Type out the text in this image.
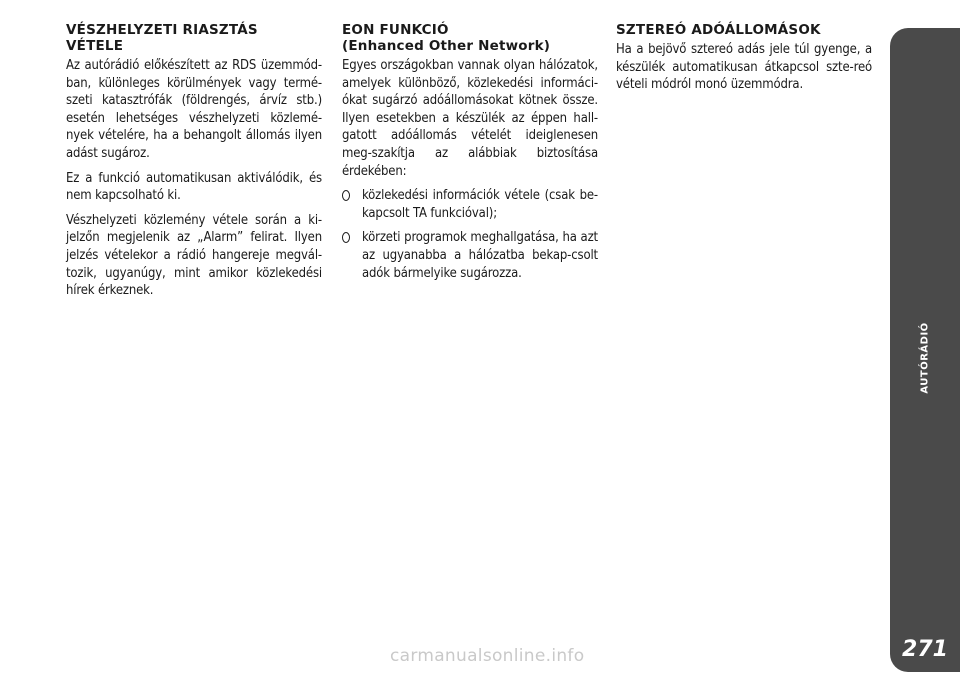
VÉSZHELYZETI RIASZTÁS
VÉTELE

Az autórádió előkészített az RDS üzemmód-ban, különleges körülmények vagy termé-szeti katasztrófák (földrengés, árvíz stb.) esetén lehetséges vészhelyzeti közlemé-nyek vételére, ha a behangolt állomás ilyen adást sugároz.

Ez a funkció automatikusan aktiválódik, és nem kapcsolható ki.

Vészhelyzeti közlemény vétele során a ki-jelzőn megjelenik az „Alarm” felirat. Ilyen jelzés vételekor a rádió hangereje megvál-tozik, ugyanúgy, mint amikor közlekedési hírek érkeznek.

EON FUNKCIÓ
(Enhanced Other Network)

Egyes országokban vannak olyan hálózatok, amelyek különböző, közlekedési informáci-ókat sugárzó adóállomásokat kötnek össze. Ilyen esetekben a készülék az éppen hall-gatott adóállomás vételét ideiglenesen meg-szakítja az alábbiak biztosítása érdekében:

közlekedési információk vétele (csak be-kapcsolt TA funkcióval);
körzeti programok meghallgatása, ha azt az ugyanabba a hálózatba bekap-csolt adók bármelyike sugározza.
SZTEREÓ ADÓÁLLOMÁSOK

Ha a bejövő sztereó adás jele túl gyenge, a készülék automatikusan átkapcsol szte-reó vételi módról monó üzemmódra.

AUTÓRÁDIÓ
271
carmanualsonline.info
